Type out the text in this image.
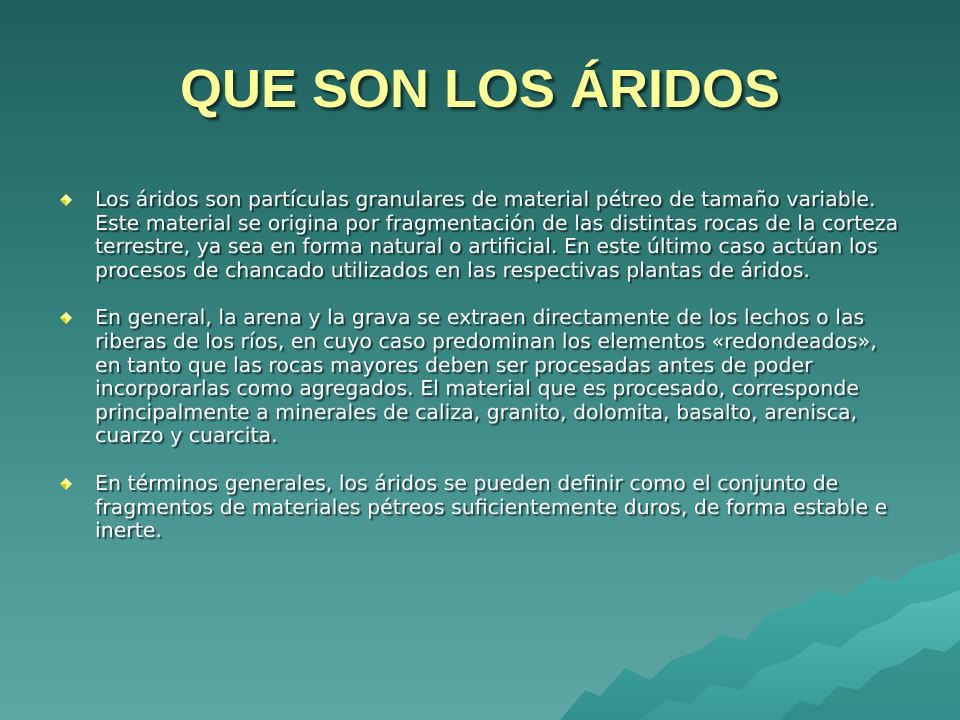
QUE SON LOS ÁRIDOS
Los áridos son partículas granulares de material pétreo de tamaño variable. Este material se origina por fragmentación de las distintas rocas de la corteza terrestre, ya sea en forma natural o artificial. En este último caso actúan los procesos de chancado utilizados en las respectivas plantas de áridos.
En general, la arena y la grava se extraen directamente de los lechos o las riberas de los ríos, en cuyo caso predominan los elementos «redondeados», en tanto que las rocas mayores deben ser procesadas antes de poder incorporarlas como agregados. El material que es procesado, corresponde principalmente a minerales de caliza, granito, dolomita, basalto, arenisca, cuarzo y cuarcita.
En términos generales, los áridos se pueden definir como el conjunto de fragmentos de materiales pétreos suficientemente duros, de forma estable e inerte.
